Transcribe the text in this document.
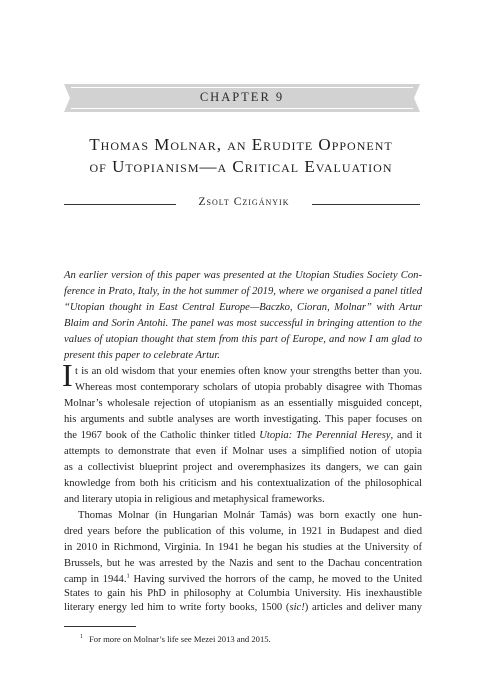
CHAPTER 9
Thomas Molnar, an Erudite Opponent
of Utopianism—a Critical Evaluation
Zsolt Czigányik
An earlier version of this paper was presented at the Utopian Studies Society Con-
ference in Prato, Italy, in the hot summer of 2019, where we organised a panel titled
“Utopian thought in East Central Europe—Baczko, Cioran, Molnar” with Artur
Blaim and Sorin Antohi. The panel was most successful in bringing attention to the
values of utopian thought that stem from this part of Europe, and now I am glad to
present this paper to celebrate Artur.
I t is an old wisdom that your enemies often know your strengths better than you.
Whereas most contemporary scholars of utopia probably disagree with Thomas
Molnar’s wholesale rejection of utopianism as an essentially misguided concept,
his arguments and subtle analyses are worth investigating. This paper focuses on
the 1967 book of the Catholic thinker titled Utopia: The Perennial Heresy, and it
attempts to demonstrate that even if Molnar uses a simplified notion of utopia
as a collectivist blueprint project and overemphasizes its dangers, we can gain
knowledge from both his criticism and his contextualization of the philosophical
and literary utopia in religious and metaphysical frameworks.
Thomas Molnar (in Hungarian Molnár Tamás) was born exactly one hun-
dred years before the publication of this volume, in 1921 in Budapest and died
in 2010 in Richmond, Virginia. In 1941 he began his studies at the University of
Brussels, but he was arrested by the Nazis and sent to the Dachau concentration
camp in 1944.$^1$ Having survived the horrors of the camp, he moved to the United
States to gain his PhD in philosophy at Columbia University. His inexhaustible
$^1$ For more on Molnar’s life see Mezei 2013 and 2015.
literary energy led him to write forty books, 1500 (sic!) articles and deliver many
